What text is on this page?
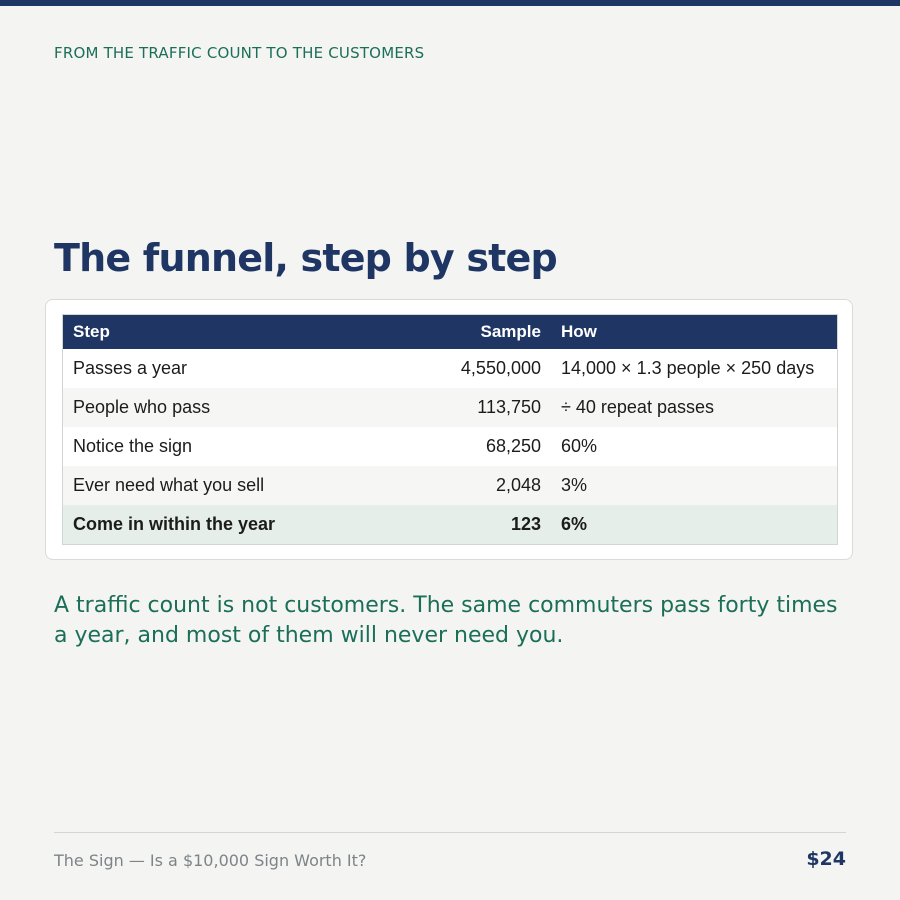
FROM THE TRAFFIC COUNT TO THE CUSTOMERS
The funnel, step by step
Step	Sample	How
Passes a year	4,550,000	14,000 × 1.3 people × 250 days
People who pass	113,750	÷ 40 repeat passes
Notice the sign	68,250	60%
Ever need what you sell	2,048	3%
Come in within the year	123	6%

A traffic count is not customers. The same commuters pass forty times a year, and most of them will never need you.

The Sign — Is a $10,000 Sign Worth It?	$24
